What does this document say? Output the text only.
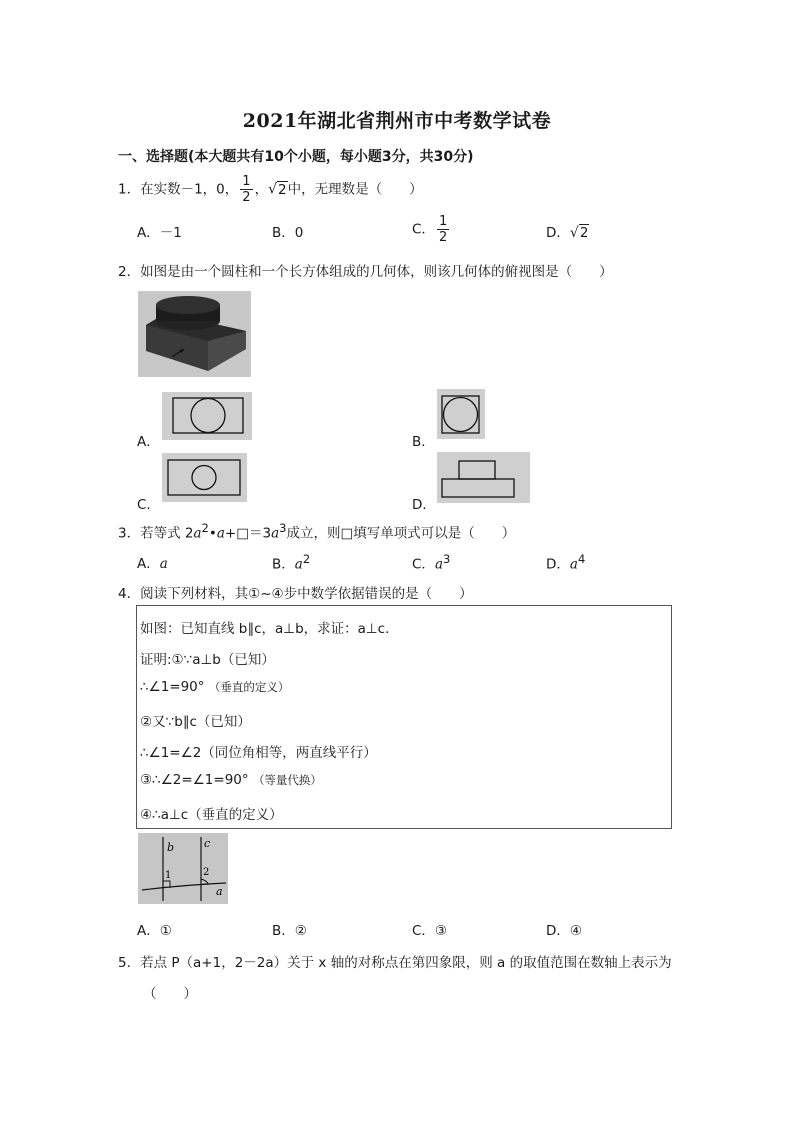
2021年湖北省荆州市中考数学试卷
一、选择题(本大题共有10个小题，每小题3分，共30分)
1．在实数－1，0， $\frac{1}{2}$ ，√2中，无理数是（　　）
A．－1	B．0	C． $\frac{1}{2}$	D．√2
2．如图是由一个圆柱和一个长方体组成的几何体，则该几何体的俯视图是（　　）
A．	B．
C．	D．
3．若等式 $2a^2•a+□=3a^3$成立，则□填写单项式可以是（　　）
A．a	B．$a^2$	C．$a^3$	D．$a^4$
4．阅读下列材料，其①~④步中数学依据错误的是（　　）
如图：已知直线 b∥c，a⊥b，求证：a⊥c．
证明:①∵a⊥b（已知）
∴∠1=90° （垂直的定义）
②又∵b∥c（已知）
∴∠1=∠2（同位角相等，两直线平行）
③∴∠2=∠1=90° （等量代换）
④∴a⊥c（垂直的定义）
b	c
1	2
a
A．①	B．②	C．③	D．④
5．若点 P（a+1，2－2a）关于 x 轴的对称点在第四象限，则 a 的取值范围在数轴上表示为
（　　）
